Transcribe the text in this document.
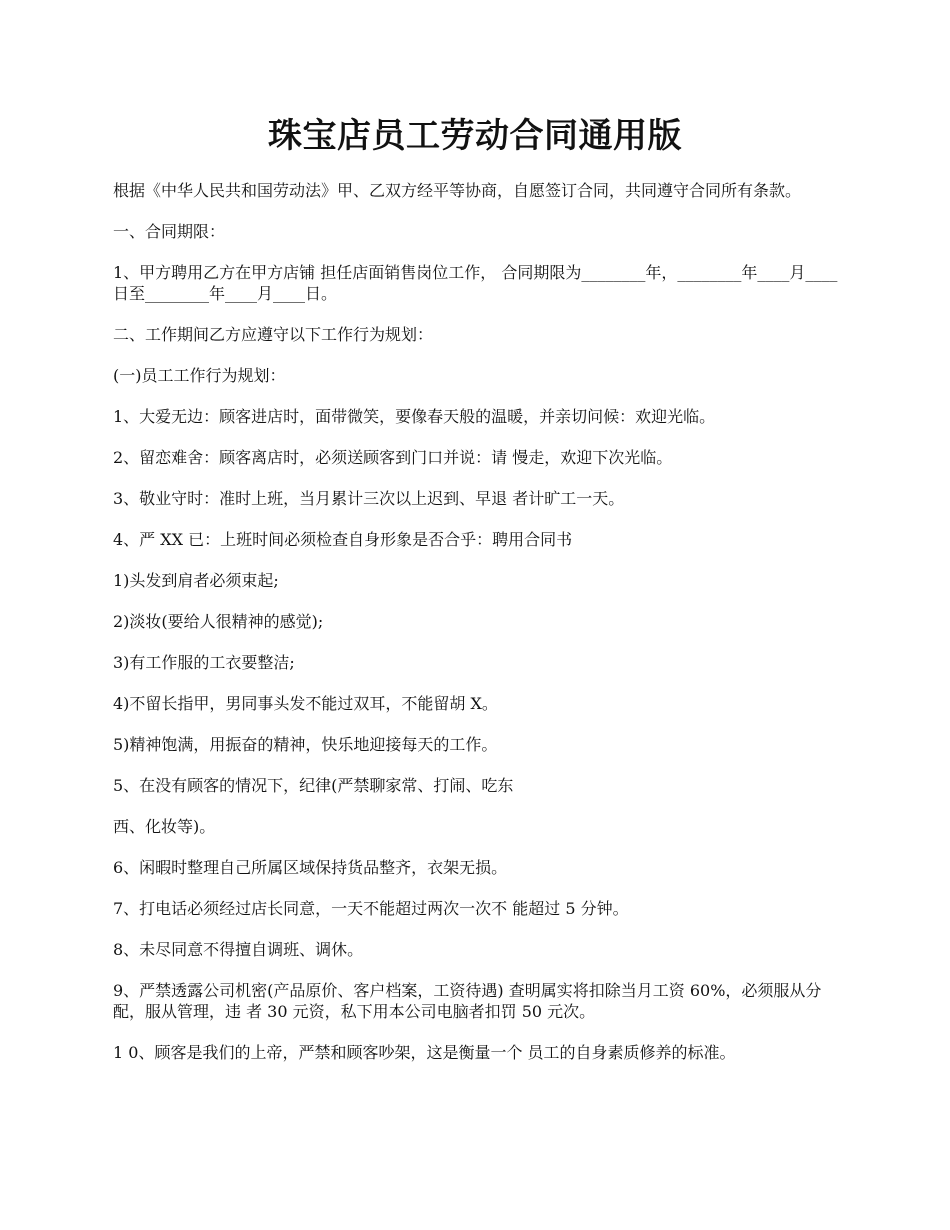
珠宝店员工劳动合同通用版

根据《中华人民共和国劳动法》甲、乙双方经平等协商，自愿签订合同，共同遵守合同所有条款。

一、合同期限：

1、甲方聘用乙方在甲方店铺 担任店面销售岗位工作， 合同期限为________年，________年____月____日至________年____月____日。

二、工作期间乙方应遵守以下工作行为规划：

(一)员工工作行为规划：

1、大爱无边：顾客进店时，面带微笑，要像春天般的温暖，并亲切问候：欢迎光临。

2、留恋难舍：顾客离店时，必须送顾客到门口并说：请 慢走，欢迎下次光临。

3、敬业守时：准时上班，当月累计三次以上迟到、早退 者计旷工一天。

4、严 XX 已：上班时间必须检查自身形象是否合乎：聘用合同书

1)头发到肩者必须束起;

2)淡妆(要给人很精神的感觉);

3)有工作服的工衣要整洁;

4)不留长指甲，男同事头发不能过双耳，不能留胡 X。

5)精神饱满，用振奋的精神，快乐地迎接每天的工作。

5、在没有顾客的情况下，纪律(严禁聊家常、打闹、吃东

西、化妆等)。

6、闲暇时整理自己所属区域保持货品整齐，衣架无损。

7、打电话必须经过店长同意，一天不能超过两次一次不 能超过 5 分钟。

8、未尽同意不得擅自调班、调休。

9、严禁透露公司机密(产品原价、客户档案，工资待遇) 查明属实将扣除当月工资 60%，必须服从分配，服从管理，违 者 30 元资，私下用本公司电脑者扣罚 50 元次。

1 0、顾客是我们的上帝，严禁和顾客吵架，这是衡量一个 员工的自身素质修养的标准。
